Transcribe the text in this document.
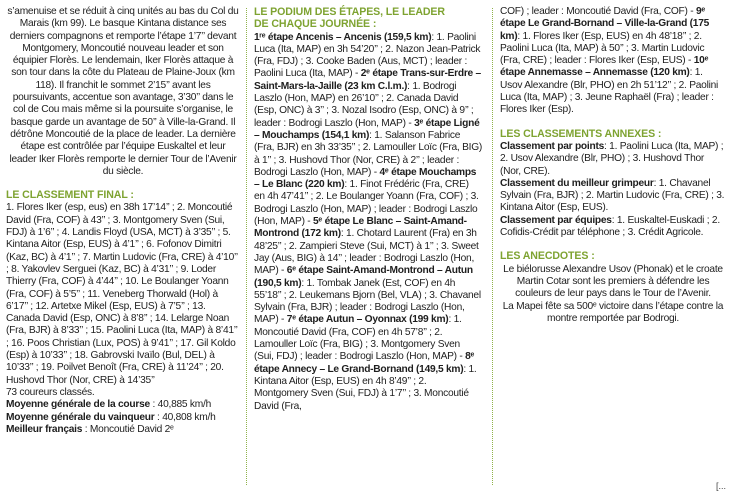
s’amenuise et se réduit à cinq unités au bas du Col du Marais (km 99). Le basque Kintana distance ses derniers compagnons et remporte l’étape 1’7’’ devant Montgomery, Moncoutié nouveau leader et son équipier Florès. Le lendemain, Iker Florès attaque à son tour dans la côte du Plateau de Plaine-Joux (km 118). Il franchit le sommet 2’15’’ avant les poursuivants, accentue son avantage, 3’30’’ dans le col de Cou mais même si la poursuite s’organise, le basque garde un avantage de 50’’ à Ville-la-Grand. Il détrône Moncoutié de la place de leader. La dernière étape est contrôlée par l’équipe Euskaltel et leur leader Iker Florès remporte le dernier Tour de l’Avenir du siècle.

LE CLASSEMENT FINAL :

1. Flores Iker (esp, eus) en 38h 17’14’’ ; 2. Moncoutié David (Fra, COF) à 43’’ ; 3. Montgomery Sven (Sui, FDJ) à 1’6’’ ; 4. Landis Floyd (USA, MCT) à 3’35’’ ; 5. Kintana Aitor (Esp, EUS) à 4’1’’ ; 6. Fofonov Dimitri (Kaz, BC) à 4’1’’ ; 7. Martin Ludovic (Fra, CRE) à 4’10’’ ; 8. Yakovlev Serguei (Kaz, BC) à 4’31’’ ; 9. Loder Thierry (Fra, COF) à 4’44’’ ; 10. Le Boulanger Yoann (Fra, COF) à 5’5’’ ; 11. Veneberg Thorwald (Hol) à 6’17’’ ; 12. Artetxe Mikel (Esp, EUS) à 7’5’’ ; 13. Canada David (Esp, ONC) à 8’8’’ ; 14. Lelarge Noan (Fra, BJR) à 8’33’’ ; 15. Paolini Luca (Ita, MAP) à 8’41’’ ; 16. Poos Christian (Lux, POS) à 9’41’’ ; 17. Gil Koldo (Esp) à 10’33’’ ; 18. Gabrovski Ivaïlo (Bul, DEL) à 10’33’’ ; 19. Poilvet Benoît (Fra, CRE) à 11’24’’ ; 20. Hushovd Thor (Nor, CRE) à 14’35’’

73 coureurs classés.

Moyenne générale de la course : 40,885 km/h

Moyenne générale du vainqueur : 40,808 km/h

Meilleur français : Moncoutié David 2ᵉ

LE PODIUM DES ÉTAPES, LE LEADER
DE CHAQUE JOURNÉE :

1ʳᵉ étape Ancenis – Ancenis (159,5 km): 1. Paolini Luca (Ita, MAP) en 3h 54’20’’ ; 2. Nazon Jean-Patrick (Fra, FDJ) ; 3. Cooke Baden (Aus, MCT) ; leader : Paolini Luca (Ita, MAP) - 2ᵉ étape Trans-sur-Erdre – Saint-Mars-la-Jaille (23 km C.l.m.): 1. Bodrogi Laszlo (Hon, MAP) en 26’10’’ ; 2. Canada David (Esp, ONC) à 3’’ ; 3. Nozal Isodro (Esp, ONC) à 9’’ ; leader : Bodrogi Laszlo (Hon, MAP) - 3ᵉ étape Ligné – Mouchamps (154,1 km): 1. Salanson Fabrice (Fra, BJR) en 3h 33’35’’ ; 2. Lamouller Loïc (Fra, BIG) à 1’’ ; 3. Hushovd Thor (Nor, CRE) à 2’’ ; leader : Bodrogi Laszlo (Hon, MAP) - 4ᵉ étape Mouchamps – Le Blanc (220 km): 1. Finot Frédéric (Fra, CRE) en 4h 47’41’’ ; 2. Le Boulanger Yoann (Fra, COF) ; 3. Bodrogi Laszlo (Hon, MAP) ; leader : Bodrogi Laszlo (Hon, MAP) - 5ᵉ étape Le Blanc – Saint-Amand-Montrond (172 km): 1. Chotard Laurent (Fra) en 3h 48’25’’ ; 2. Zampieri Steve (Sui, MCT) à 1’’ ; 3. Sweet Jay (Aus, BIG) à 14’’ ; leader : Bodrogi Laszlo (Hon, MAP) - 6ᵉ étape Saint-Amand-Montrond – Autun (190,5 km): 1. Tombak Janek (Est, COF) en 4h 55’18’’ ; 2. Leukemans Bjorn (Bel, VLA) ; 3. Chavanel Sylvain (Fra, BJR) ; leader : Bodrogi Laszlo (Hon, MAP) - 7ᵉ étape Autun – Oyonnax (199 km): 1. Moncoutié David (Fra, COF) en 4h 57’8’’ ; 2. Lamouller Loïc (Fra, BIG) ; 3. Montgomery Sven (Sui, FDJ) ; leader : Bodrogi Laszlo (Hon, MAP) - 8ᵉ étape Annecy – Le Grand-Bornand (149,5 km): 1. Kintana Aitor (Esp, EUS) en 4h 8’49’’ ; 2. Montgomery Sven (Sui, FDJ) à 1’7’’ ; 3. Moncoutié David (Fra,

COF) ; leader : Moncoutié David (Fra, COF) - 9ᵉ étape Le Grand-Bornand – Ville-la-Grand (175 km): 1. Flores Iker (Esp, EUS) en 4h 48’18’’ ; 2. Paolini Luca (Ita, MAP) à 50’’ ; 3. Martin Ludovic (Fra, CRE) ; leader : Flores Iker (Esp, EUS) - 10ᵉ étape Annemasse – Annemasse (120 km): 1. Usov Alexandre (Blr, PHO) en 2h 51’12’’ ; 2. Paolini Luca (Ita, MAP) ; 3. Jeune Raphaël (Fra) ; leader : Flores Iker (Esp).

LES CLASSEMENTS ANNEXES :

Classement par points: 1. Paolini Luca (Ita, MAP) ; 2. Usov Alexandre (Blr, PHO) ; 3. Hushovd Thor (Nor, CRE).

Classement du meilleur grimpeur: 1. Chavanel Sylvain (Fra, BJR) ; 2. Martin Ludovic (Fra, CRE) ; 3. Kintana Aitor (Esp, EUS).

Classement par équipes: 1. Euskaltel-Euskadi ; 2. Cofidis-Crédit par téléphone ; 3. Crédit Agricole.

LES ANECDOTES :

Le biélorusse Alexandre Usov (Phonak) et le croate Martin Cotar sont les premiers à défendre les couleurs de leur pays dans le Tour de l’Avenir.

La Mapei fête sa 500ᵉ victoire dans l’étape contre la montre remportée par Bodrogi.

[...
